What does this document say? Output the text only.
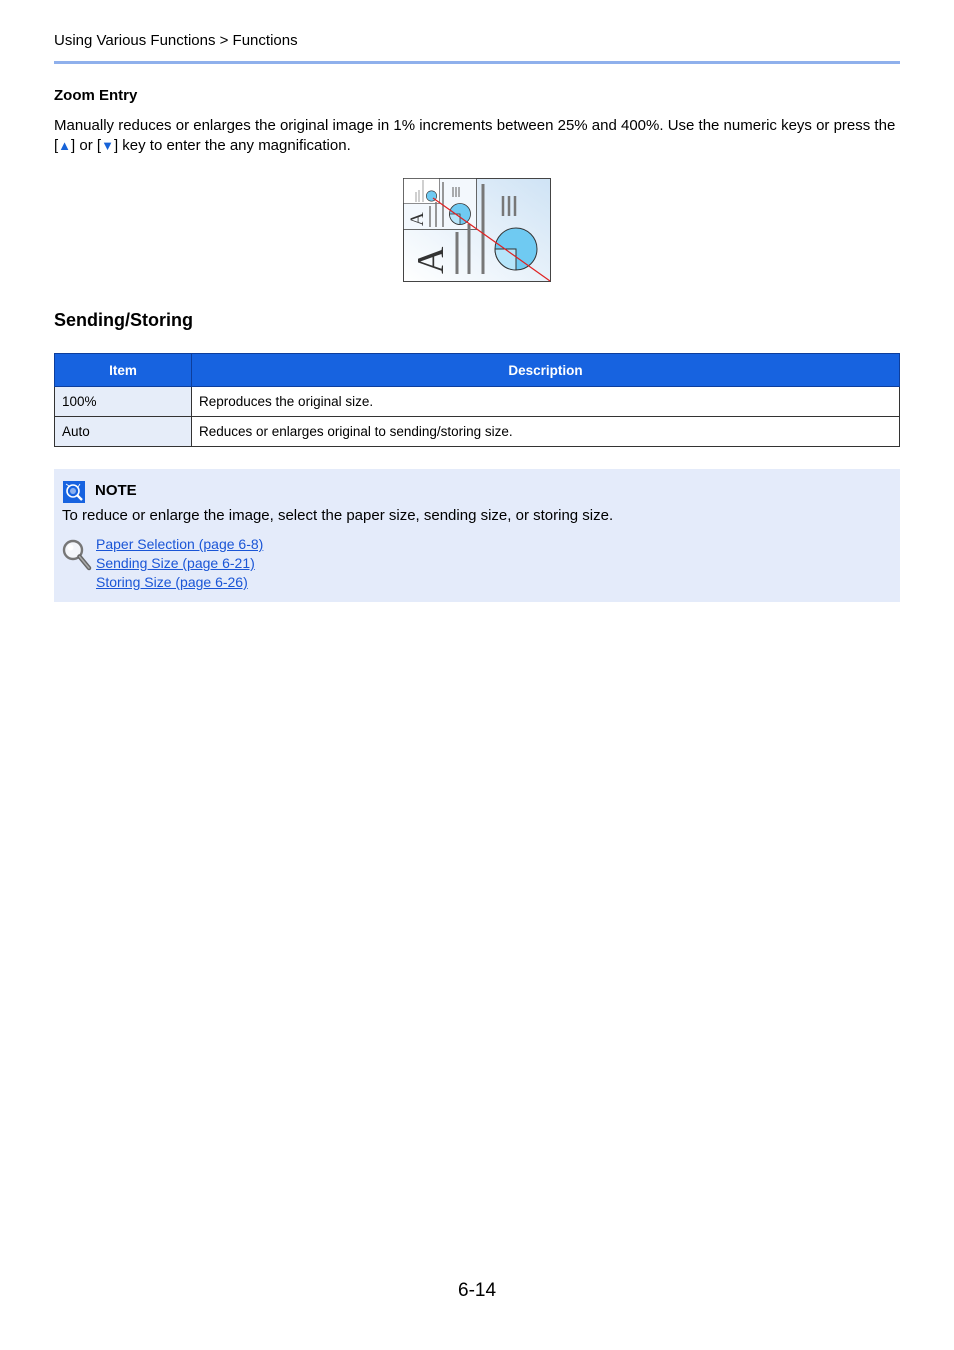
Using Various Functions > Functions
Zoom Entry
Manually reduces or enlarges the original image in 1% increments between 25% and 400%. Use the numeric keys or press the [▲] or [▼] key to enter the any magnification.
A
A
Sending/Storing
Item	Description
100%	Reproduces the original size.
Auto	Reduces or enlarges original to sending/storing size.
NOTE
To reduce or enlarge the image, select the paper size, sending size, or storing size.
Paper Selection (page 6-8)
Sending Size (page 6-21)
Storing Size (page 6-26)
6-14
